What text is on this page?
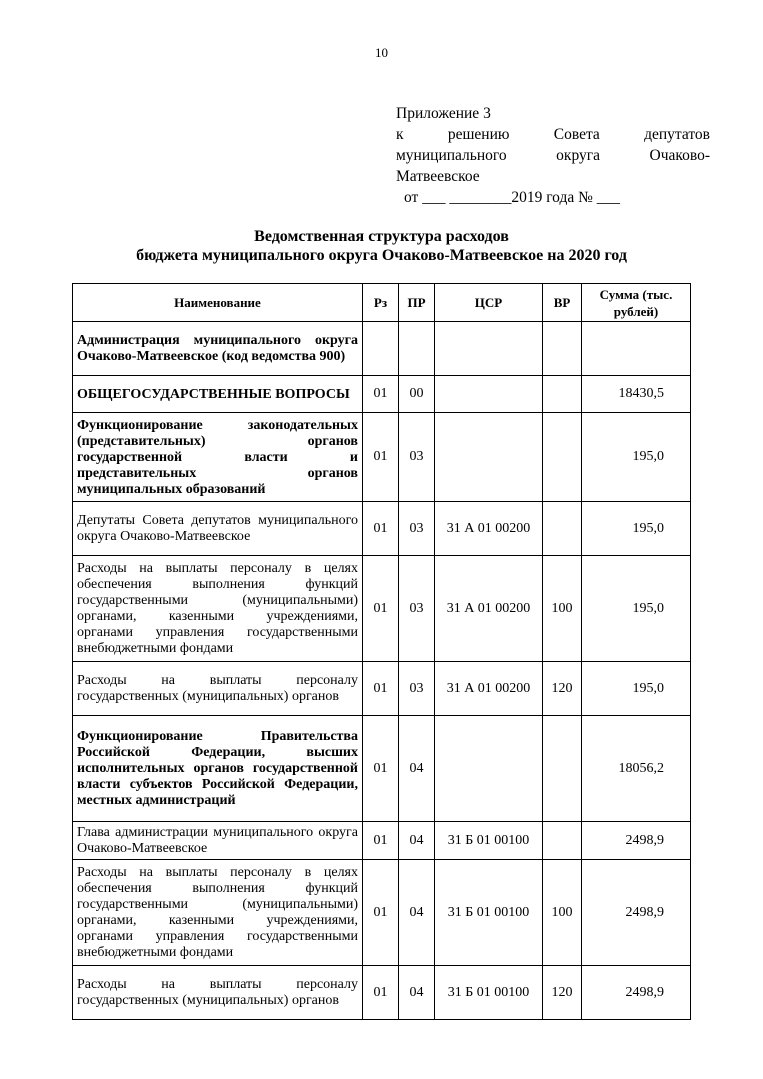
10
Приложение 3
к решению Совета депутатов
муниципального округа Очаково-
Матвеевское
от ___ ________2019 года № ___
Ведомственная структура расходов
бюджета муниципального округа Очаково-Матвеевское на 2020 год
Наименование	Рз	ПР	ЦСР	ВР	Сумма (тыс. рублей)
Администрация муниципального округа Очаково-Матвеевское (код ведомства 900)					
ОБЩЕГОСУДАРСТВЕННЫЕ ВОПРОСЫ	01	00			18430,5
Функционирование законодательных (представительных) органов государственной власти и представительных органов муниципальных образований	01	03			195,0
Депутаты Совета депутатов муниципального округа Очаково-Матвеевское	01	03	31 А 01 00200		195,0
Расходы на выплаты персоналу в целях обеспечения выполнения функций государственными (муниципальными) органами, казенными учреждениями, органами управления государственными внебюджетными фондами	01	03	31 А 01 00200	100	195,0
Расходы на выплаты персоналу государственных (муниципальных) органов	01	03	31 А 01 00200	120	195,0
Функционирование Правительства Российской Федерации, высших исполнительных органов государственной власти субъектов Российской Федерации, местных администраций	01	04			18056,2
Глава администрации муниципального округа Очаково-Матвеевское	01	04	31 Б 01 00100		2498,9
Расходы на выплаты персоналу в целях обеспечения выполнения функций государственными (муниципальными) органами, казенными учреждениями, органами управления государственными внебюджетными фондами	01	04	31 Б 01 00100	100	2498,9
Расходы на выплаты персоналу государственных (муниципальных) органов	01	04	31 Б 01 00100	120	2498,9
